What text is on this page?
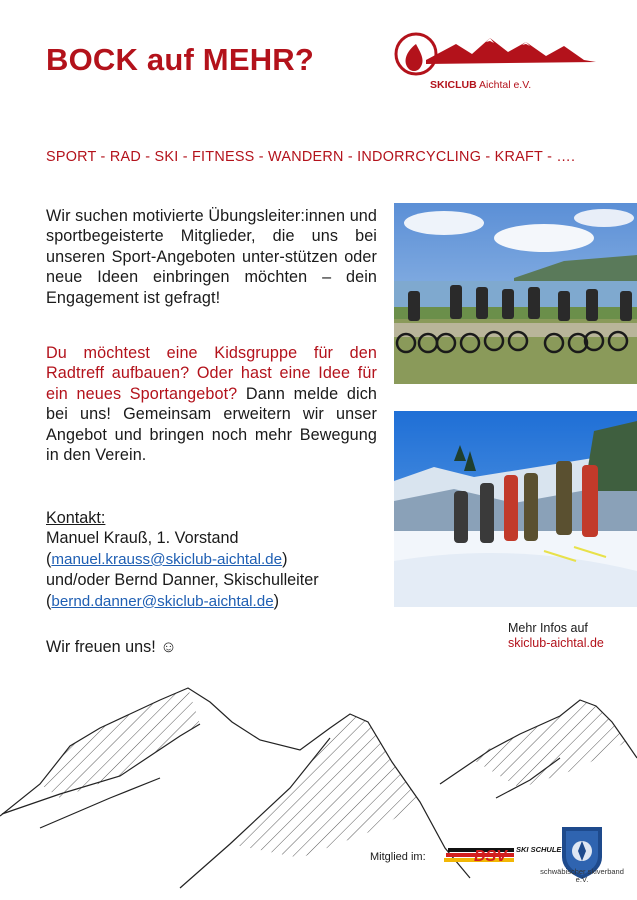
BOCK auf MEHR?
SKICLUB Aichtal e.V.
SPORT - RAD - SKI - FITNESS - WANDERN - INDORRCYCLING - KRAFT - ….
Wir suchen motivierte Übungsleiter:innen und sportbegeisterte Mitglieder, die uns bei unseren Sport-Angeboten unter-stützen oder neue Ideen einbringen möchten – dein Engagement ist gefragt!
Du möchtest eine Kidsgruppe für den Radtreff aufbauen? Oder hast eine Idee für ein neues Sportangebot? Dann melde dich bei uns! Gemeinsam erweitern wir unser Angebot und bringen noch mehr Bewegung in den Verein.
Kontakt:
Manuel Krauß, 1. Vorstand
(manuel.krauss@skiclub-aichtal.de)
und/oder Bernd Danner, Skischulleiter
(bernd.danner@skiclub-aichtal.de)
Wir freuen uns! ☺
Mehr Infos auf
skiclub-aichtal.de
Mitglied im:	DSV SKI SCHULE
schwäbischer skiverband e.V.
